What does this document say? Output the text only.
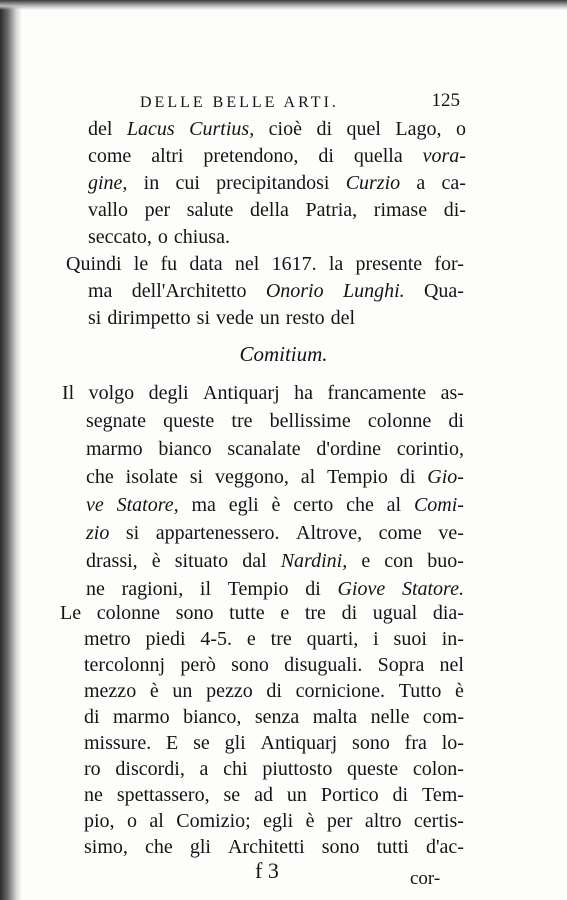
DELLE BELLE ARTI.	125
del Lacus Curtius, cioè di quel Lago, o
come altri pretendono, di quella vora-
gine, in cui precipitandosi Curzio a ca-
vallo per salute della Patria, rimase di-
seccato, o chiusa.
Quindi le fu data nel 1617. la presente for-
ma dell'Architetto Onorio Lunghi. Qua-
si dirimpetto si vede un resto del
Comitium.
Il volgo degli Antiquarj ha francamente as-
segnate queste tre bellissime colonne di
marmo bianco scanalate d'ordine corintio,
che isolate si veggono, al Tempio di Gio-
ve Statore, ma egli è certo che al Comi-
zio si appartenessero. Altrove, come ve-
drassi, è situato dal Nardini, e con buo-
ne ragioni, il Tempio di Giove Statore.
Le colonne sono tutte e tre di ugual dia-
metro piedi 4-5. e tre quarti, i suoi in-
tercolonnj però sono disuguali. Sopra nel
mezzo è un pezzo di cornicione. Tutto è
di marmo bianco, senza malta nelle com-
missure. E se gli Antiquarj sono fra lo-
ro discordi, a chi piuttosto queste colon-
ne spettassero, se ad un Portico di Tem-
pio, o al Comizio; egli è per altro certis-
f 3	cor-
simo, che gli Architetti sono tutti d'ac-
